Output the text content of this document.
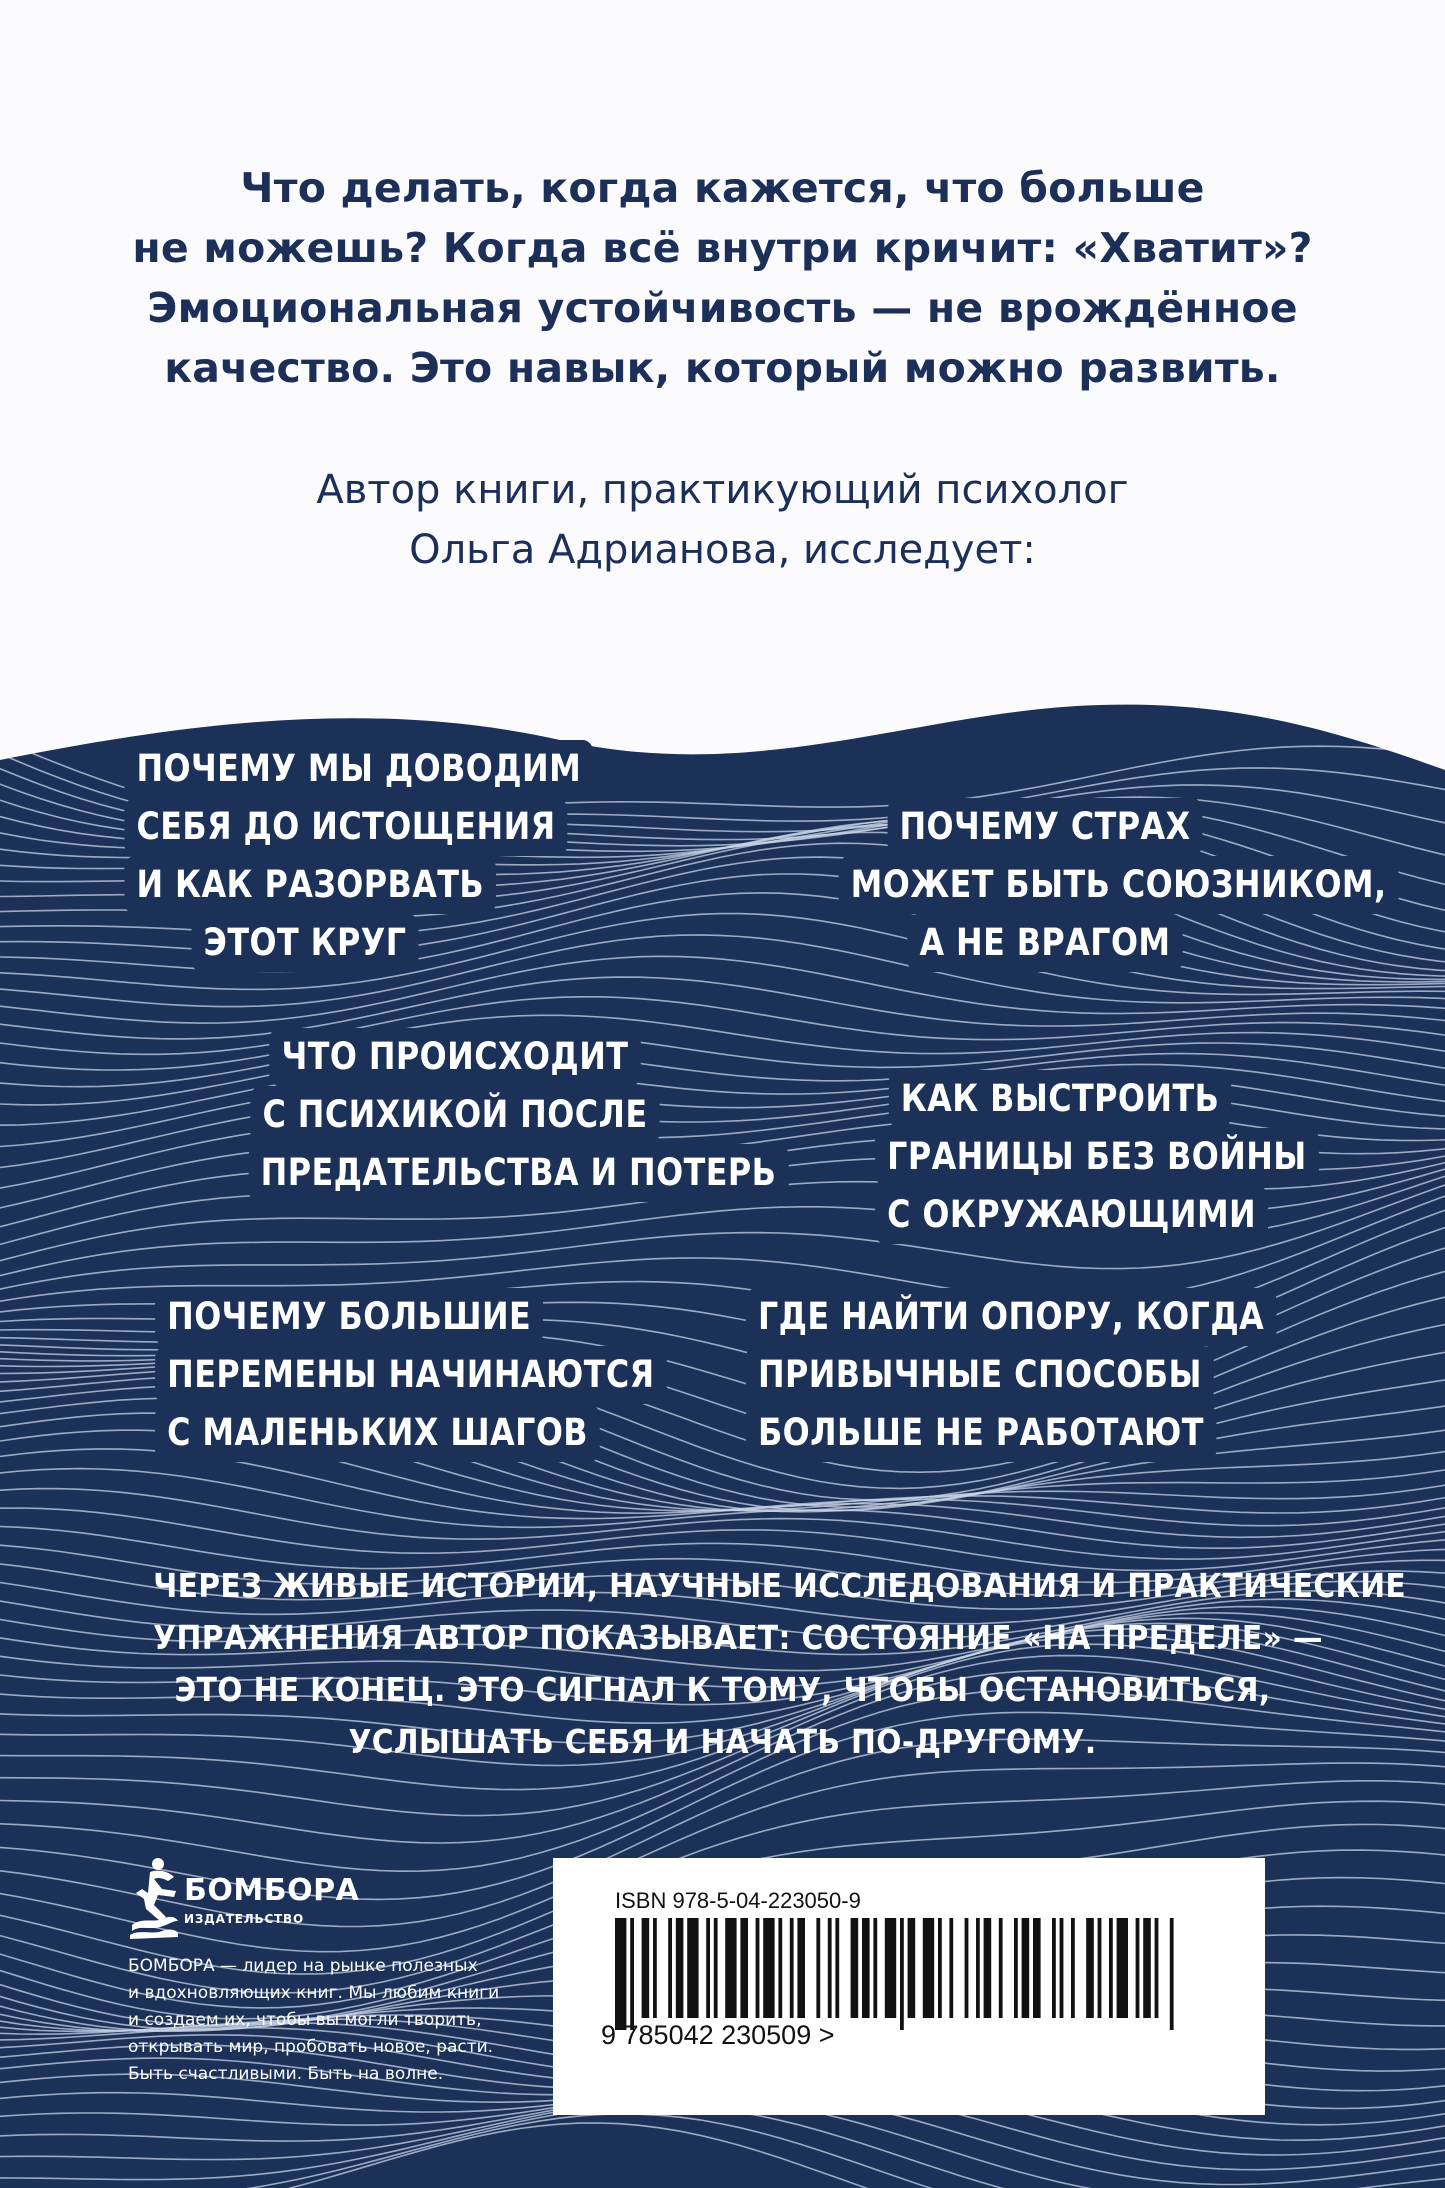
Что делать, когда кажется, что больше
не можешь? Когда всё внутри кричит: «Хватит»?
Эмоциональная устойчивость — не врождённое
качество. Это навык, который можно развить.
Автор книги, практикующий психолог
Ольга Адрианова, исследует:
ПОЧЕМУ МЫ ДОВОДИМ
СЕБЯ ДО ИСТОЩЕНИЯ
И КАК РАЗОРВАТЬ
ЭТОТ КРУГ
ПОЧЕМУ СТРАХ
МОЖЕТ БЫТЬ СОЮЗНИКОМ,
А НЕ ВРАГОМ
ЧТО ПРОИСХОДИТ
С ПСИХИКОЙ ПОСЛЕ
ПРЕДАТЕЛЬСТВА И ПОТЕРЬ
КАК ВЫСТРОИТЬ
ГРАНИЦЫ БЕЗ ВОЙНЫ
С ОКРУЖАЮЩИМИ
ПОЧЕМУ БОЛЬШИЕ
ПЕРЕМЕНЫ НАЧИНАЮТСЯ
С МАЛЕНЬКИХ ШАГОВ
ГДЕ НАЙТИ ОПОРУ, КОГДА
ПРИВЫЧНЫЕ СПОСОБЫ
БОЛЬШЕ НЕ РАБОТАЮТ
ЧЕРЕЗ ЖИВЫЕ ИСТОРИИ, НАУЧНЫЕ ИССЛЕДОВАНИЯ И ПРАКТИЧЕСКИЕ
УПРАЖНЕНИЯ АВТОР ПОКАЗЫВАЕТ: СОСТОЯНИЕ «НА ПРЕДЕЛЕ» —
ЭТО НЕ КОНЕЦ. ЭТО СИГНАЛ К ТОМУ, ЧТОБЫ ОСТАНОВИТЬСЯ,
УСЛЫШАТЬ СЕБЯ И НАЧАТЬ ПО-ДРУГОМУ.
БОМБОРА
ИЗДАТЕЛЬСТВО
БОМБОРА — лидер на рынке полезных
и вдохновляющих книг. Мы любим книги
и создаем их, чтобы вы могли творить,
открывать мир, пробовать новое, расти.
Быть счастливыми. Быть на волне.
ISBN 978-5-04-223050-9
9 785042 230509 >
